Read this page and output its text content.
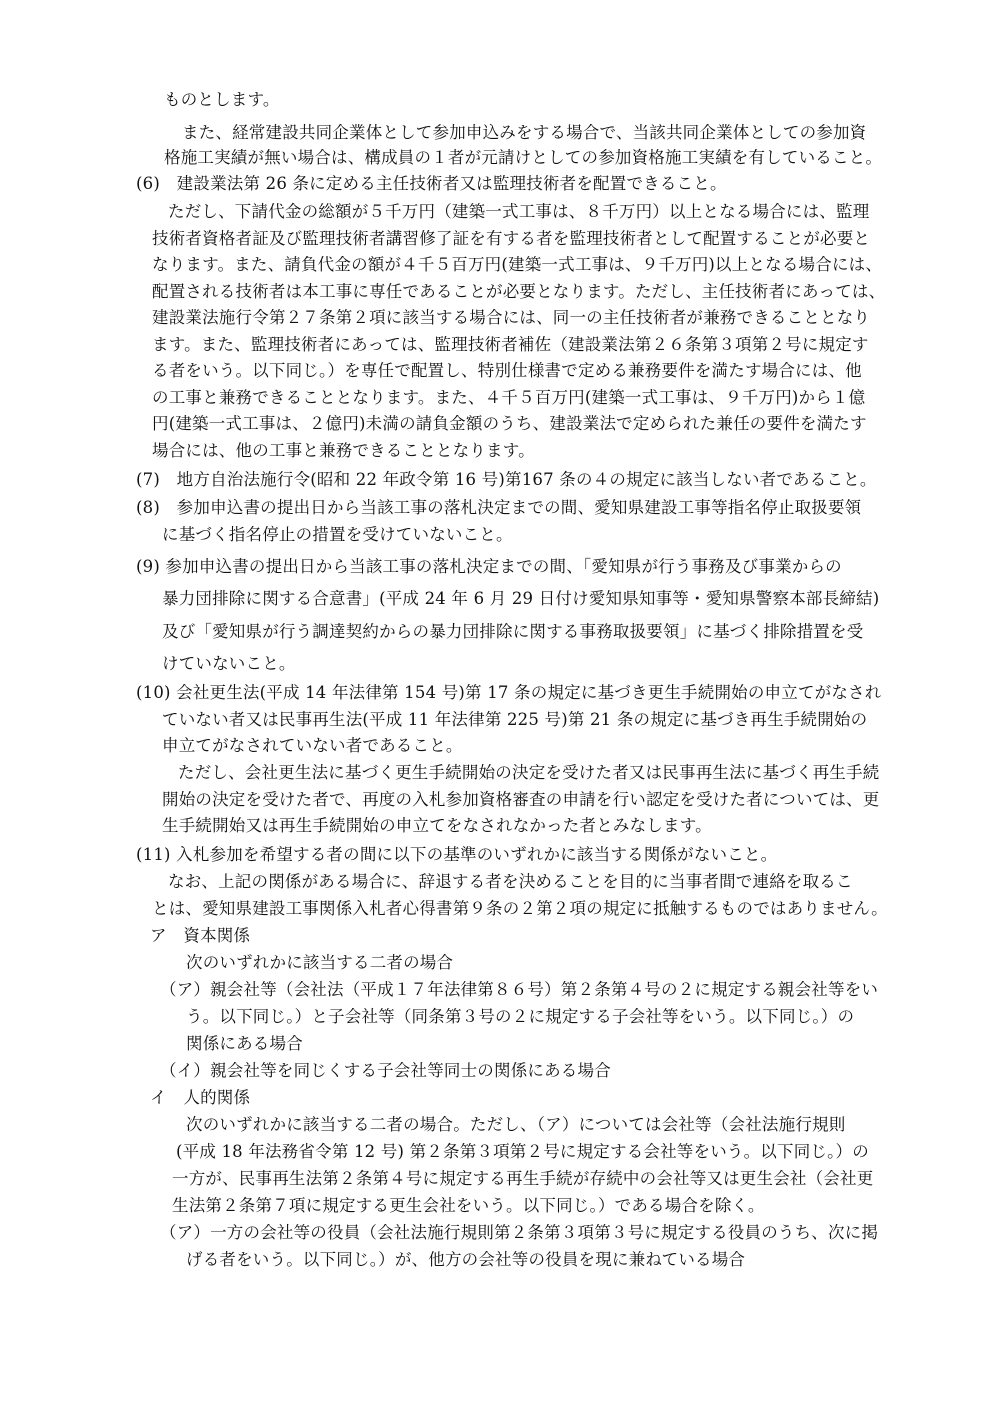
ものとします。
また、経常建設共同企業体として参加申込みをする場合で、当該共同企業体としての参加資
格施工実績が無い場合は、構成員の１者が元請けとしての参加資格施工実績を有していること。
(6)　建設業法第 26 条に定める主任技術者又は監理技術者を配置できること。
ただし、下請代金の総額が５千万円（建築一式工事は、８千万円）以上となる場合には、監理
技術者資格者証及び監理技術者講習修了証を有する者を監理技術者として配置することが必要と
なります。また、請負代金の額が４千５百万円(建築一式工事は、９千万円)以上となる場合には、
配置される技術者は本工事に専任であることが必要となります。ただし、主任技術者にあっては、
建設業法施行令第２７条第２項に該当する場合には、同一の主任技術者が兼務できることとなり
ます。また、監理技術者にあっては、監理技術者補佐（建設業法第２６条第３項第２号に規定す
る者をいう。以下同じ。）を専任で配置し、特別仕様書で定める兼務要件を満たす場合には、他
の工事と兼務できることとなります。また、４千５百万円(建築一式工事は、９千万円)から１億
円(建築一式工事は、２億円)未満の請負金額のうち、建設業法で定められた兼任の要件を満たす
場合には、他の工事と兼務できることとなります。
(7)　地方自治法施行令(昭和 22 年政令第 16 号)第167 条の４の規定に該当しない者であること。
(8)　参加申込書の提出日から当該工事の落札決定までの間、愛知県建設工事等指名停止取扱要領
に基づく指名停止の措置を受けていないこと。
(9) 参加申込書の提出日から当該工事の落札決定までの間、「愛知県が行う事務及び事業からの
暴力団排除に関する合意書」(平成 24 年 6 月 29 日付け愛知県知事等・愛知県警察本部長締結)
及び「愛知県が行う調達契約からの暴力団排除に関する事務取扱要領」に基づく排除措置を受
けていないこと。
(10) 会社更生法(平成 14 年法律第 154 号)第 17 条の規定に基づき更生手続開始の申立てがなされ
ていない者又は民事再生法(平成 11 年法律第 225 号)第 21 条の規定に基づき再生手続開始の
申立てがなされていない者であること。
ただし、会社更生法に基づく更生手続開始の決定を受けた者又は民事再生法に基づく再生手続
開始の決定を受けた者で、再度の入札参加資格審査の申請を行い認定を受けた者については、更
生手続開始又は再生手続開始の申立てをなされなかった者とみなします。
(11) 入札参加を希望する者の間に以下の基準のいずれかに該当する関係がないこと。
なお、上記の関係がある場合に、辞退する者を決めることを目的に当事者間で連絡を取るこ
とは、愛知県建設工事関係入札者心得書第９条の２第２項の規定に抵触するものではありません。
ア　資本関係
次のいずれかに該当する二者の場合
（ア）親会社等（会社法（平成１７年法律第８６号）第２条第４号の２に規定する親会社等をい
う。以下同じ。）と子会社等（同条第３号の２に規定する子会社等をいう。以下同じ。）の
関係にある場合
（イ）親会社等を同じくする子会社等同士の関係にある場合
イ　人的関係
次のいずれかに該当する二者の場合。ただし、（ア）については会社等（会社法施行規則
(平成 18 年法務省令第 12 号) 第２条第３項第２号に規定する会社等をいう。以下同じ。）の
一方が、民事再生法第２条第４号に規定する再生手続が存続中の会社等又は更生会社（会社更
生法第２条第７項に規定する更生会社をいう。以下同じ。）である場合を除く。
（ア）一方の会社等の役員（会社法施行規則第２条第３項第３号に規定する役員のうち、次に掲
げる者をいう。以下同じ。）が、他方の会社等の役員を現に兼ねている場合
